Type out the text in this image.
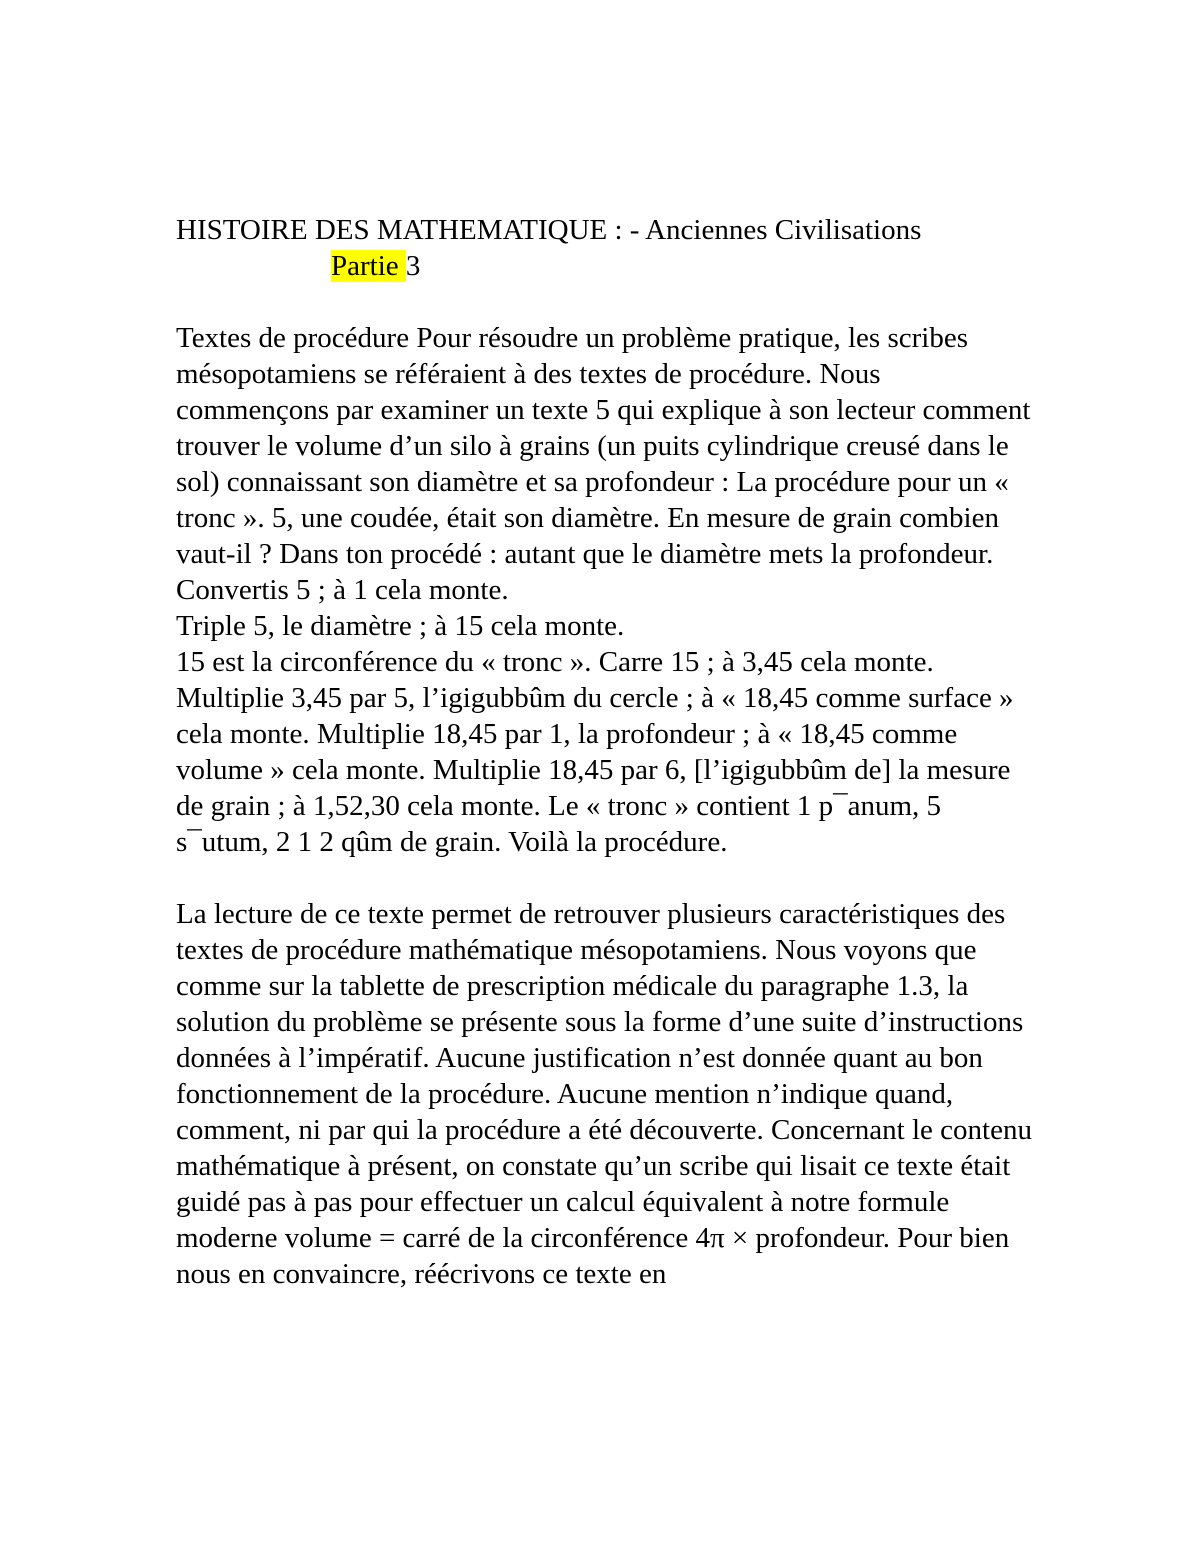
HISTOIRE DES MATHEMATIQUE : - Anciennes Civilisations

Partie 3

Textes de procédure Pour résoudre un problème pratique, les scribes mésopotamiens se référaient à des textes de procédure. Nous commençons par examiner un texte 5 qui explique à son lecteur comment trouver le volume d’un silo à grains (un puits cylindrique creusé dans le sol) connaissant son diamètre et sa profondeur : La procédure pour un « tronc ». 5, une coudée, était son diamètre. En mesure de grain combien vaut-il ? Dans ton procédé : autant que le diamètre mets la profondeur. Convertis 5 ; à 1 cela monte.

Triple 5, le diamètre ; à 15 cela monte.

15 est la circonférence du « tronc ». Carre 15 ; à 3,45 cela monte. Multiplie 3,45 par 5, l’igigubbûm du cercle ; à « 18,45 comme surface » cela monte. Multiplie 18,45 par 1, la profondeur ; à « 18,45 comme volume » cela monte. Multiplie 18,45 par 6, [l’igigubbûm de] la mesure de grain ; à 1,52,30 cela monte. Le « tronc » contient 1 p¯anum, 5 s¯utum, 2 1 2 qûm de grain. Voilà la procédure.

La lecture de ce texte permet de retrouver plusieurs caractéristiques des textes de procédure mathématique mésopotamiens. Nous voyons que comme sur la tablette de prescription médicale du paragraphe 1.3, la solution du problème se présente sous la forme d’une suite d’instructions données à l’impératif. Aucune justification n’est donnée quant au bon fonctionnement de la procédure. Aucune mention n’indique quand, comment, ni par qui la procédure a été découverte. Concernant le contenu mathématique à présent, on constate qu’un scribe qui lisait ce texte était guidé pas à pas pour effectuer un calcul équivalent à notre formule moderne volume = carré de la circonférence 4π × profondeur. Pour bien nous en convaincre, réécrivons ce texte en
